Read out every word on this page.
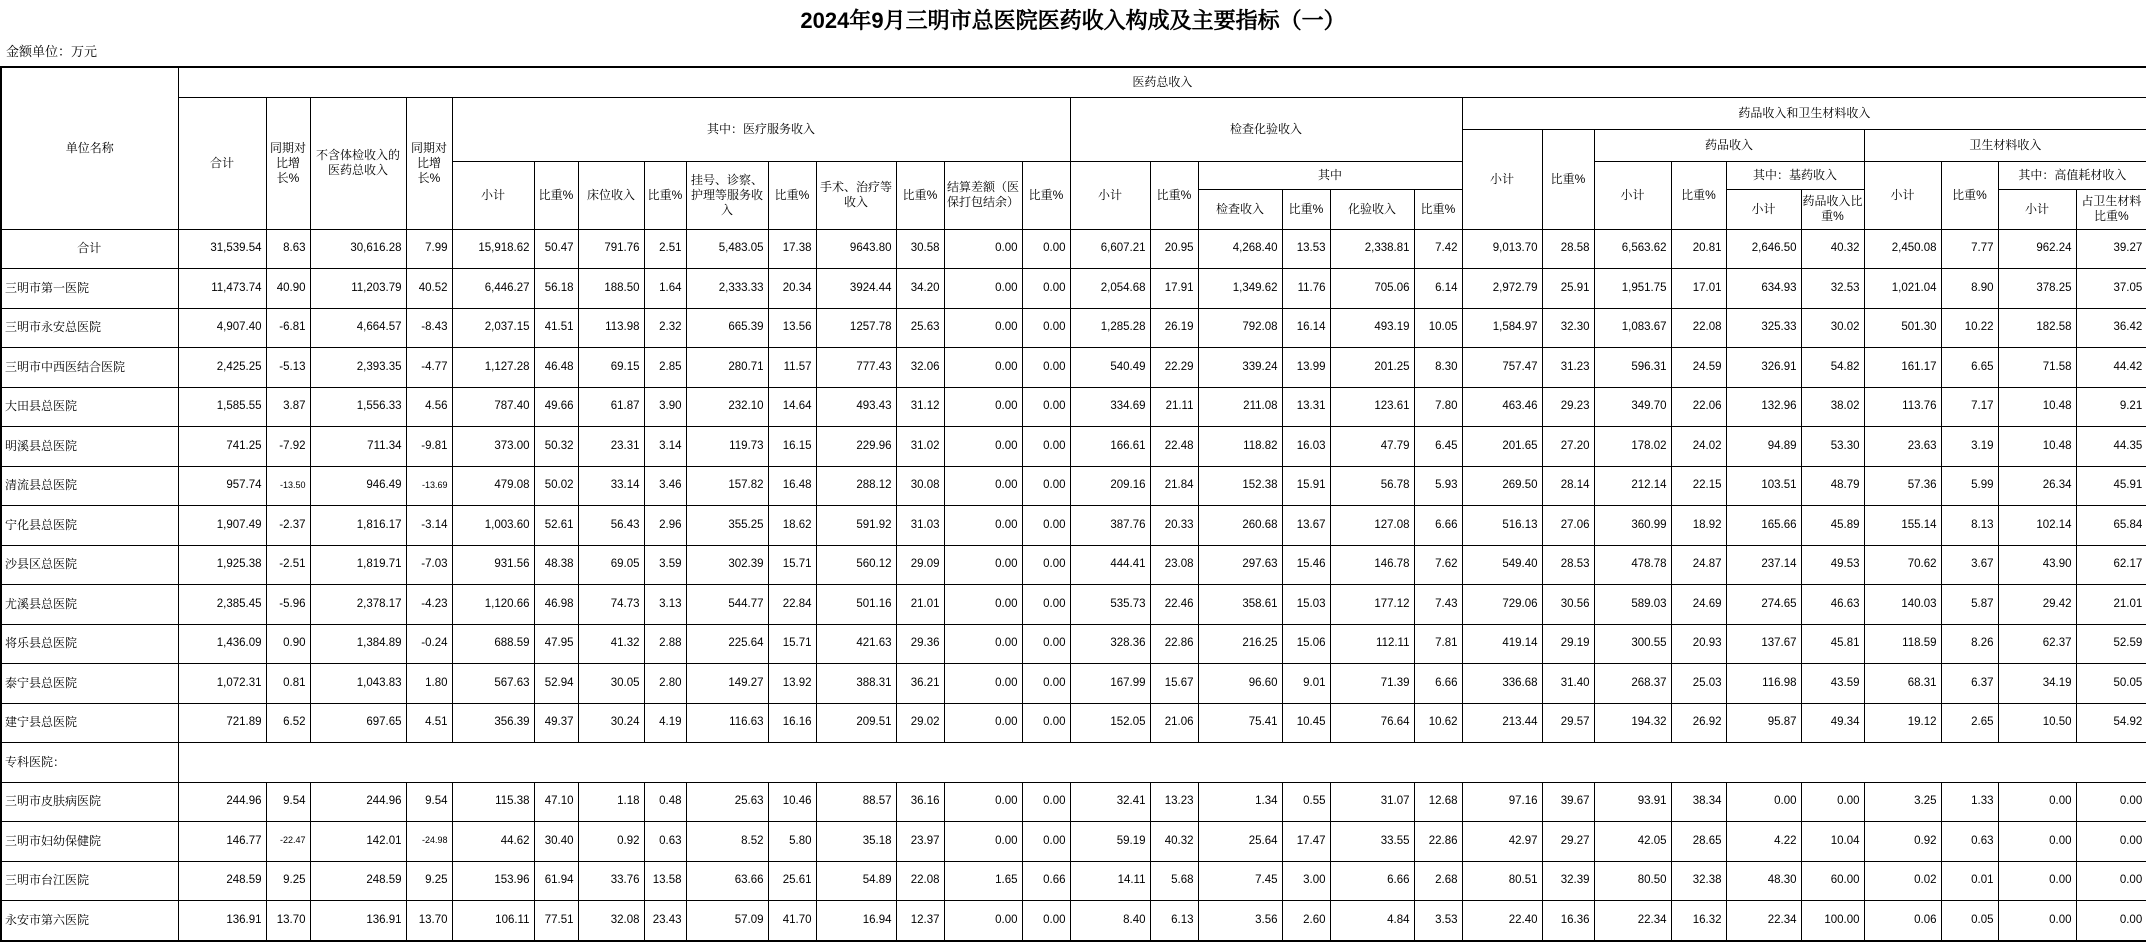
2024年9月三明市总医院医药收入构成及主要指标（一）
金额单位：万元
单位名称	医药总收入																													
	合计	同期对比增长%	不含体检收入的医药总收入	同期对比增长%	其中：医疗服务收入										检查化验收入						药品收入和卫生材料收入									
																					小计	比重%	药品收入				卫生材料收入			
					小计	比重%	床位收入	比重%	挂号、诊察、护理等服务收入	比重%	手术、治疗等收入	比重%	结算差额（医保打包结余）	比重%	小计	比重%	其中						小计	比重%	其中：基药收入		小计	比重%	其中：高值耗材收入	
																	检查收入	比重%	化验收入	比重%					小计	药品收入比重%			小计	占卫生材料比重%
合计	31,539.54	8.63	30,616.28	7.99	15,918.62	50.47	791.76	2.51	5,483.05	17.38	9643.80	30.58	0.00	0.00	6,607.21	20.95	4,268.40	13.53	2,338.81	7.42	9,013.70	28.58	6,563.62	20.81	2,646.50	40.32	2,450.08	7.77	962.24	39.27
三明市第一医院	11,473.74	40.90	11,203.79	40.52	6,446.27	56.18	188.50	1.64	2,333.33	20.34	3924.44	34.20	0.00	0.00	2,054.68	17.91	1,349.62	11.76	705.06	6.14	2,972.79	25.91	1,951.75	17.01	634.93	32.53	1,021.04	8.90	378.25	37.05
三明市永安总医院	4,907.40	-6.81	4,664.57	-8.43	2,037.15	41.51	113.98	2.32	665.39	13.56	1257.78	25.63	0.00	0.00	1,285.28	26.19	792.08	16.14	493.19	10.05	1,584.97	32.30	1,083.67	22.08	325.33	30.02	501.30	10.22	182.58	36.42
三明市中西医结合医院	2,425.25	-5.13	2,393.35	-4.77	1,127.28	46.48	69.15	2.85	280.71	11.57	777.43	32.06	0.00	0.00	540.49	22.29	339.24	13.99	201.25	8.30	757.47	31.23	596.31	24.59	326.91	54.82	161.17	6.65	71.58	44.42
大田县总医院	1,585.55	3.87	1,556.33	4.56	787.40	49.66	61.87	3.90	232.10	14.64	493.43	31.12	0.00	0.00	334.69	21.11	211.08	13.31	123.61	7.80	463.46	29.23	349.70	22.06	132.96	38.02	113.76	7.17	10.48	9.21
明溪县总医院	741.25	-7.92	711.34	-9.81	373.00	50.32	23.31	3.14	119.73	16.15	229.96	31.02	0.00	0.00	166.61	22.48	118.82	16.03	47.79	6.45	201.65	27.20	178.02	24.02	94.89	53.30	23.63	3.19	10.48	44.35
清流县总医院	957.74	-13.50	946.49	-13.69	479.08	50.02	33.14	3.46	157.82	16.48	288.12	30.08	0.00	0.00	209.16	21.84	152.38	15.91	56.78	5.93	269.50	28.14	212.14	22.15	103.51	48.79	57.36	5.99	26.34	45.91
宁化县总医院	1,907.49	-2.37	1,816.17	-3.14	1,003.60	52.61	56.43	2.96	355.25	18.62	591.92	31.03	0.00	0.00	387.76	20.33	260.68	13.67	127.08	6.66	516.13	27.06	360.99	18.92	165.66	45.89	155.14	8.13	102.14	65.84
沙县区总医院	1,925.38	-2.51	1,819.71	-7.03	931.56	48.38	69.05	3.59	302.39	15.71	560.12	29.09	0.00	0.00	444.41	23.08	297.63	15.46	146.78	7.62	549.40	28.53	478.78	24.87	237.14	49.53	70.62	3.67	43.90	62.17
尤溪县总医院	2,385.45	-5.96	2,378.17	-4.23	1,120.66	46.98	74.73	3.13	544.77	22.84	501.16	21.01	0.00	0.00	535.73	22.46	358.61	15.03	177.12	7.43	729.06	30.56	589.03	24.69	274.65	46.63	140.03	5.87	29.42	21.01
将乐县总医院	1,436.09	0.90	1,384.89	-0.24	688.59	47.95	41.32	2.88	225.64	15.71	421.63	29.36	0.00	0.00	328.36	22.86	216.25	15.06	112.11	7.81	419.14	29.19	300.55	20.93	137.67	45.81	118.59	8.26	62.37	52.59
泰宁县总医院	1,072.31	0.81	1,043.83	1.80	567.63	52.94	30.05	2.80	149.27	13.92	388.31	36.21	0.00	0.00	167.99	15.67	96.60	9.01	71.39	6.66	336.68	31.40	268.37	25.03	116.98	43.59	68.31	6.37	34.19	50.05
建宁县总医院	721.89	6.52	697.65	4.51	356.39	49.37	30.24	4.19	116.63	16.16	209.51	29.02	0.00	0.00	152.05	21.06	75.41	10.45	76.64	10.62	213.44	29.57	194.32	26.92	95.87	49.34	19.12	2.65	10.50	54.92
专科医院：																														
三明市皮肤病医院	244.96	9.54	244.96	9.54	115.38	47.10	1.18	0.48	25.63	10.46	88.57	36.16	0.00	0.00	32.41	13.23	1.34	0.55	31.07	12.68	97.16	39.67	93.91	38.34	0.00	0.00	3.25	1.33	0.00	0.00
三明市妇幼保健院	146.77	-22.47	142.01	-24.98	44.62	30.40	0.92	0.63	8.52	5.80	35.18	23.97	0.00	0.00	59.19	40.32	25.64	17.47	33.55	22.86	42.97	29.27	42.05	28.65	4.22	10.04	0.92	0.63	0.00	0.00
三明市台江医院	248.59	9.25	248.59	9.25	153.96	61.94	33.76	13.58	63.66	25.61	54.89	22.08	1.65	0.66	14.11	5.68	7.45	3.00	6.66	2.68	80.51	32.39	80.50	32.38	48.30	60.00	0.02	0.01	0.00	0.00
永安市第六医院	136.91	13.70	136.91	13.70	106.11	77.51	32.08	23.43	57.09	41.70	16.94	12.37	0.00	0.00	8.40	6.13	3.56	2.60	4.84	3.53	22.40	16.36	22.34	16.32	22.34	100.00	0.06	0.05	0.00	0.00
